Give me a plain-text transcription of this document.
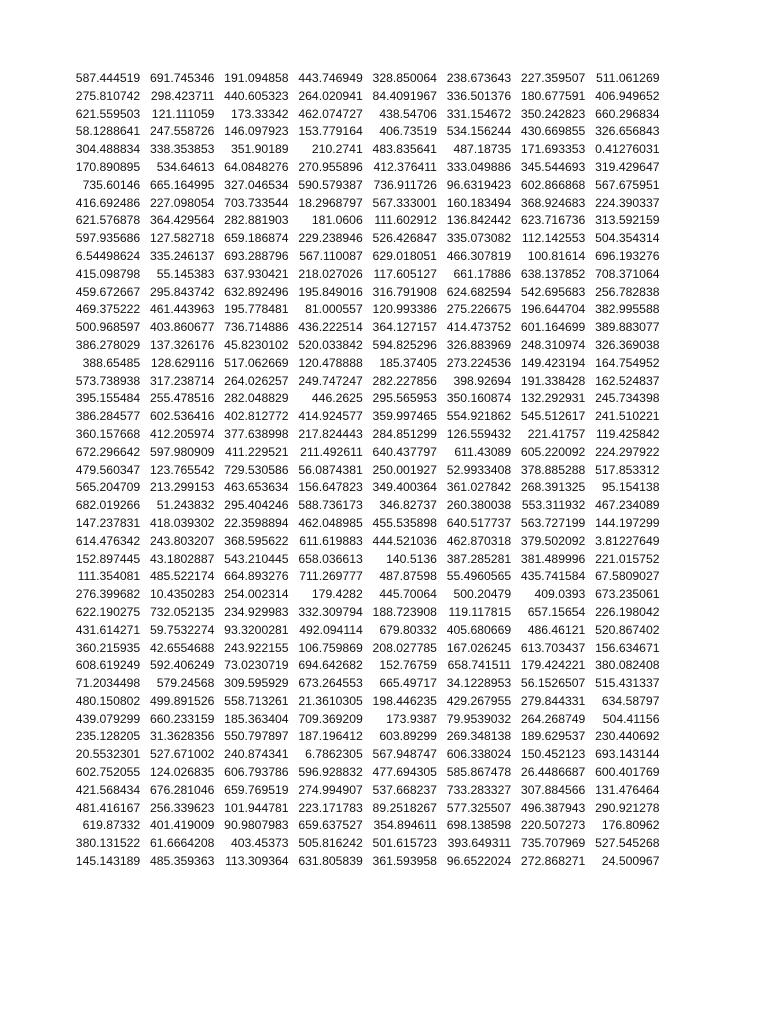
587.444519	691.745346	191.094858	443.746949	328.850064	238.673643	227.359507	511.061269
275.810742	298.423711	440.605323	264.020941	84.4091967	336.501376	180.677591	406.949652
621.559503	121.111059	173.33342	462.074727	438.54706	331.154672	350.242823	660.296834
58.1288641	247.558726	146.097923	153.779164	406.73519	534.156244	430.669855	326.656843
304.488834	338.353853	351.90189	210.2741	483.835641	487.18735	171.693353	0.41276031
170.890895	534.64613	64.0848276	270.955896	412.376411	333.049886	345.544693	319.429647
735.60146	665.164995	327.046534	590.579387	736.911726	96.6319423	602.866868	567.675951
416.692486	227.098054	703.733544	18.2968797	567.333001	160.183494	368.924683	224.390337
621.576878	364.429564	282.881903	181.0606	111.602912	136.842442	623.716736	313.592159
597.935686	127.582718	659.186874	229.238946	526.426847	335.073082	112.142553	504.354314
6.54498624	335.246137	693.288796	567.110087	629.018051	466.307819	100.81614	696.193276
415.098798	55.145383	637.930421	218.027026	117.605127	661.17886	638.137852	708.371064
459.672667	295.843742	632.892496	195.849016	316.791908	624.682594	542.695683	256.782838
469.375222	461.443963	195.778481	81.000557	120.993386	275.226675	196.644704	382.995588
500.968597	403.860677	736.714886	436.222514	364.127157	414.473752	601.164699	389.883077
386.278029	137.326176	45.8230102	520.033842	594.825296	326.883969	248.310974	326.369038
388.65485	128.629116	517.062669	120.478888	185.37405	273.224536	149.423194	164.754952
573.738938	317.238714	264.026257	249.747247	282.227856	398.92694	191.338428	162.524837
395.155484	255.478516	282.048829	446.2625	295.565953	350.160874	132.292931	245.734398
386.284577	602.536416	402.812772	414.924577	359.997465	554.921862	545.512617	241.510221
360.157668	412.205974	377.638998	217.824443	284.851299	126.559432	221.41757	119.425842
672.296642	597.980909	411.229521	211.492611	640.437797	611.43089	605.220092	224.297922
479.560347	123.765542	729.530586	56.0874381	250.001927	52.9933408	378.885288	517.853312
565.204709	213.299153	463.653634	156.647823	349.400364	361.027842	268.391325	95.154138
682.019266	51.243832	295.404246	588.736173	346.82737	260.380038	553.311932	467.234089
147.237831	418.039302	22.3598894	462.048985	455.535898	640.517737	563.727199	144.197299
614.476342	243.803207	368.595622	611.619883	444.521036	462.870318	379.502092	3.81227649
152.897445	43.1802887	543.210445	658.036613	140.5136	387.285281	381.489996	221.015752
111.354081	485.522174	664.893276	711.269777	487.87598	55.4960565	435.741584	67.5809027
276.399682	10.4350283	254.002314	179.4282	445.70064	500.20479	409.0393	673.235061
622.190275	732.052135	234.929983	332.309794	188.723908	119.117815	657.15654	226.198042
431.614271	59.7532274	93.3200281	492.094114	679.80332	405.680669	486.46121	520.867402
360.215935	42.6554688	243.922155	106.759869	208.027785	167.026245	613.703437	156.634671
608.619249	592.406249	73.0230719	694.642682	152.76759	658.741511	179.424221	380.082408
71.2034498	579.24568	309.595929	673.264553	665.49717	34.1228953	56.1526507	515.431337
480.150802	499.891526	558.713261	21.3610305	198.446235	429.267955	279.844331	634.58797
439.079299	660.233159	185.363404	709.369209	173.9387	79.9539032	264.268749	504.41156
235.128205	31.3628356	550.797897	187.196412	603.89299	269.348138	189.629537	230.440692
20.5532301	527.671002	240.874341	6.7862305	567.948747	606.338024	150.452123	693.143144
602.752055	124.026835	606.793786	596.928832	477.694305	585.867478	26.4486687	600.401769
421.568434	676.281046	659.769519	274.994907	537.668237	733.283327	307.884566	131.476464
481.416167	256.339623	101.944781	223.171783	89.2518267	577.325507	496.387943	290.921278
619.87332	401.419009	90.9807983	659.637527	354.894611	698.138598	220.507273	176.80962
380.131522	61.6664208	403.45373	505.816242	501.615723	393.649311	735.707969	527.545268
145.143189	485.359363	113.309364	631.805839	361.593958	96.6522024	272.868271	24.500967
